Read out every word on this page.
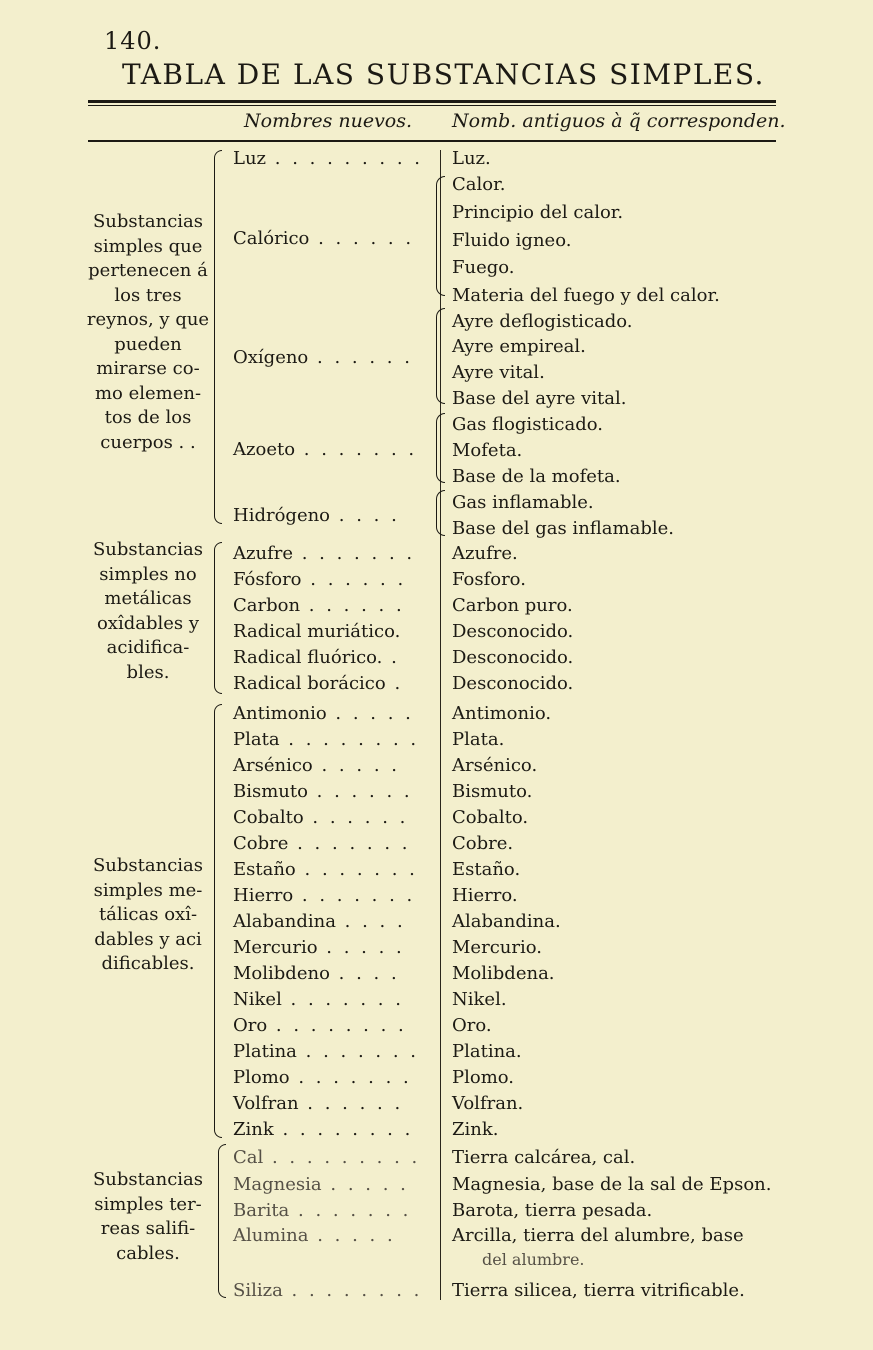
140.
TABLA DE LAS SUBSTANCIAS SIMPLES.
Nombres nuevos. Nomb. antiguos à q̃ corresponden.
Substancias simples que pertenecen á los tres reynos, y que pueden mirarse co- mo elemen- tos de los cuerpos . .
Substancias simples no metálicas oxîdables y acidifica- bles.
Substancias simples me- tálicas oxî- dables y aci dificables.
Substancias simples ter- reas salifi- cables.
Luz . . . . . . . . .
Calórico . . . . . .
Oxígeno . . . . . .
Azoeto . . . . . . .
Hidrógeno . . . .
Azufre . . . . . . .
Fósforo . . . . . .
Carbon . . . . . .
Radical muriático.
Radical fluórico. .
Radical borácico .
Antimonio . . . . .
Plata . . . . . . . .
Arsénico . . . . .
Bismuto . . . . . .
Cobalto . . . . . .
Cobre . . . . . . .
Estaño . . . . . . .
Hierro . . . . . . .
Alabandina . . . .
Mercurio . . . . .
Molibdeno . . . .
Nikel . . . . . . .
Oro . . . . . . . .
Platina . . . . . . .
Plomo . . . . . . .
Volfran . . . . . .
Zink . . . . . . . .
Cal . . . . . . . . .
Magnesia . . . . .
Barita . . . . . . .
Alumina . . . . .
Siliza . . . . . . . .
Luz.
Calor.
Principio del calor.
Fluido igneo.
Fuego.
Materia del fuego y del calor.
Ayre deflogisticado.
Ayre empireal.
Ayre vital.
Base del ayre vital.
Gas flogisticado.
Mofeta.
Base de la mofeta.
Gas inflamable.
Base del gas inflamable.
Azufre.
Fosforo.
Carbon puro.
Desconocido.
Desconocido.
Desconocido.
Antimonio.
Plata.
Arsénico.
Bismuto.
Cobalto.
Cobre.
Estaño.
Hierro.
Alabandina.
Mercurio.
Molibdena.
Nikel.
Oro.
Platina.
Plomo.
Volfran.
Zink.
Tierra calcárea, cal.
Magnesia, base de la sal de Epson.
Barota, tierra pesada.
Arcilla, tierra del alumbre, base
del alumbre.
Tierra silicea, tierra vitrificable.
